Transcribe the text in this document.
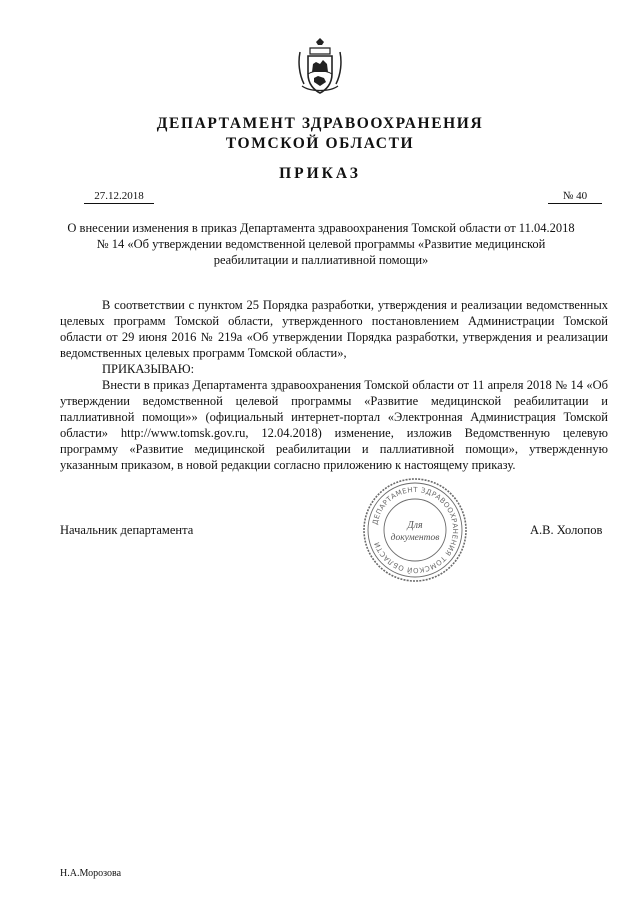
ДЕПАРТАМЕНТ ЗДРАВООХРАНЕНИЯ
ТОМСКОЙ ОБЛАСТИ
ПРИКАЗ
27.12.2018	№ 40
О внесении изменения в приказ Департамента здравоохранения Томской области от 11.04.2018 № 14 «Об утверждении ведомственной целевой программы «Развитие медицинской реабилитации и паллиативной помощи»

В соответствии с пунктом 25 Порядка разработки, утверждения и реализации ведомственных целевых программ Томской области, утвержденного постановлением Администрации Томской области от 29 июня 2016 № 219а «Об утверждении Порядка разработки, утверждения и реализации ведомственных целевых программ Томской области»,

ПРИКАЗЫВАЮ:

Внести в приказ Департамента здравоохранения Томской области от 11 апреля 2018 № 14 «Об утверждении ведомственной целевой программы «Развитие медицинской реабилитации и паллиативной помощи»» (официальный интернет-портал «Электронная Администрация Томской области» http://www.tomsk.gov.ru, 12.04.2018) изменение, изложив Ведомственную целевую программу «Развитие медицинской реабилитации и паллиативной помощи», утвержденную указанным приказом, в новой редакции согласно приложению к настоящему приказу.

Начальник департамента	А.В. Холопов
ДЕПАРТАМЕНТ ЗДРАВООХРАНЕНИЯ ТОМСКОЙ ОБЛАСТИ
Для
документов
Н.А.Морозова
